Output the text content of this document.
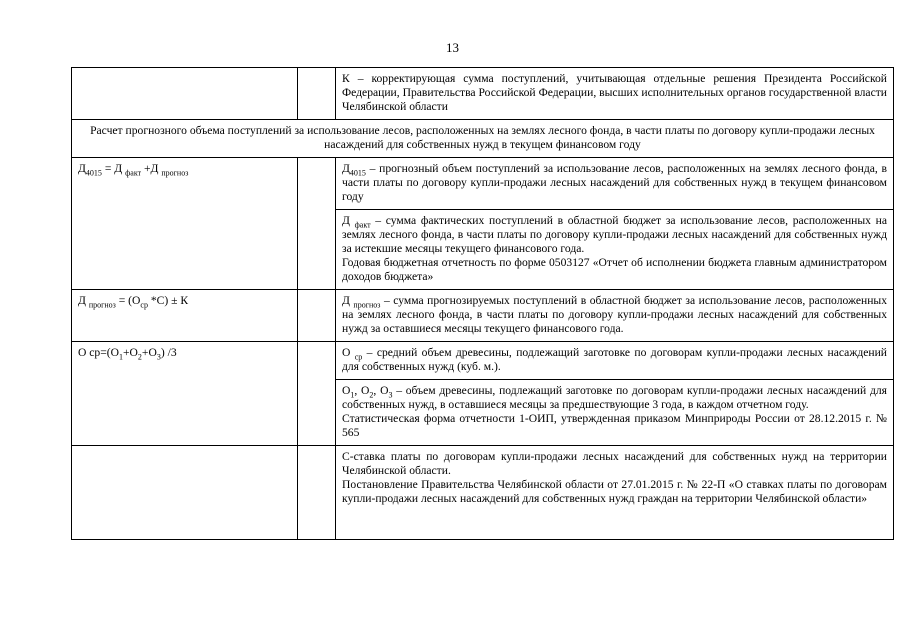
13
		К – корректирующая сумма поступлений, учитывающая отдельные решения Президента Российской Федерации, Правительства Российской Федерации, высших исполнительных органов государственной власти Челябинской области
Расчет прогнозного объема поступлений за использование лесов, расположенных на землях лесного фонда, в части платы по договору купли-продажи лесных насаждений для собственных нужд в текущем финансовом году		
$Д_{4015} = Д$ $_{факт}$ +Д $_{прогноз}$		$Д_{4015}$ – прогнозный объем поступлений за использование лесов, расположенных на землях лесного фонда, в части платы по договору купли-продажи лесных насаждений для собственных нужд в текущем финансовом году
		Д $_{факт}$ – сумма фактических поступлений в областной бюджет за использование лесов, расположенных на землях лесного фонда, в части платы по договору купли-продажи лесных насаждений для собственных нужд за истекшие месяцы текущего финансового года.
Годовая бюджетная отчетность по форме 0503127 «Отчет об исполнении бюджета главным администратором доходов бюджета»

Д $_{прогноз} = (О_{ср}$ *С) ± К		Д $_{прогноз}$ – сумма прогнозируемых поступлений в областной бюджет за использование лесов, расположенных на землях лесного фонда, в части платы по договору купли-продажи лесных насаждений для собственных нужд за оставшиеся месяцы текущего финансового года.
О $ср=(О_1+О_2+О_3)$ /3		О $_{ср}$ – средний объем древесины, подлежащий заготовке по договорам купли-продажи лесных насаждений для собственных нужд (куб. м.).
		$О_1$, $О_2$, $О_3$ – объем древесины, подлежащий заготовке по договорам купли-продажи лесных насаждений для собственных нужд, в оставшиеся месяцы за предшествующие 3 года, в каждом отчетном году.
Статистическая форма отчетности 1-ОИП, утвержденная приказом Минприроды России от 28.12.2015 г. № 565

		С-ставка платы по договорам купли-продажи лесных насаждений для собственных нужд на территории Челябинской области.
Постановление Правительства Челябинской области от 27.01.2015 г. № 22-П «О ставках платы по договорам купли-продажи лесных насаждений для собственных нужд граждан на территории Челябинской области»
